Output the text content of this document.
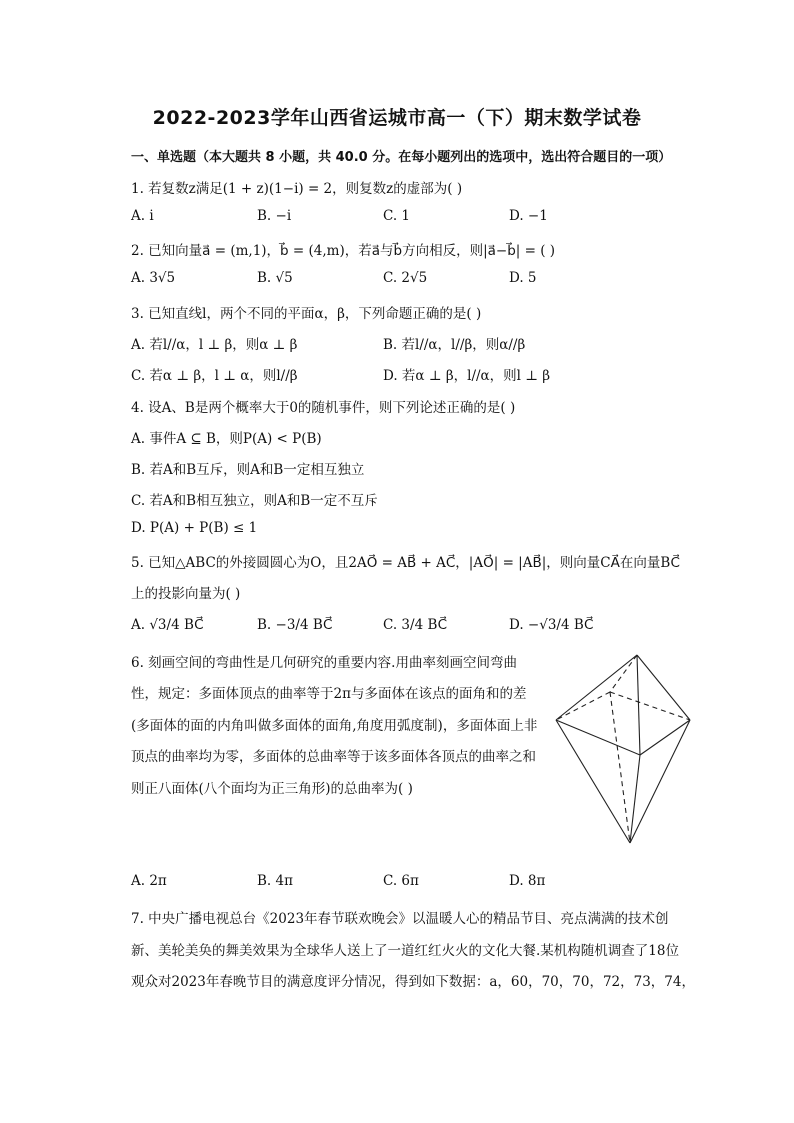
2022-2023学年山西省运城市高一（下）期末数学试卷
一、单选题（本大题共 8 小题，共 40.0 分。在每小题列出的选项中，选出符合题目的一项）
1. 若复数z满足(1 + z)(1−i) = 2，则复数z的虚部为( )
A. i	B. −i	C. 1	D. −1
2. 已知向量a⃗ = (m,1)，b⃗ = (4,m)，若a⃗与b⃗方向相反，则|a⃗−b⃗| = ( )
A. 3√5	B. √5	C. 2√5	D. 5
3. 已知直线l，两个不同的平面α，β，下列命题正确的是( )
A. 若l//α，l ⊥ β，则α ⊥ β	B. 若l//α，l//β，则α//β
C. 若α ⊥ β，l ⊥ α，则l//β	D. 若α ⊥ β，l//α，则l ⊥ β
4. 设A、B是两个概率大于0的随机事件，则下列论述正确的是( )
A. 事件A ⊆ B，则P(A) < P(B)
B. 若A和B互斥，则A和B一定相互独立
C. 若A和B相互独立，则A和B一定不互斥
D. P(A) + P(B) ≤ 1
5. 已知△ABC的外接圆圆心为O，且2AO⃗ = AB⃗ + AC⃗，|AO⃗| = |AB⃗|，则向量CA⃗在向量BC⃗
上的投影向量为( )
A. √3/4 BC⃗	B. −3/4 BC⃗	C. 3/4 BC⃗	D. −√3/4 BC⃗
6. 刻画空间的弯曲性是几何研究的重要内容.用曲率刻画空间弯曲
性，规定：多面体顶点的曲率等于2π与多面体在该点的面角和的差
(多面体的面的内角叫做多面体的面角,角度用弧度制)，多面体面上非
顶点的曲率均为零，多面体的总曲率等于该多面体各顶点的曲率之和
则正八面体(八个面均为正三角形)的总曲率为( )
A. 2π	B. 4π	C. 6π	D. 8π
7. 中央广播电视总台《2023年春节联欢晚会》以温暖人心的精品节目、亮点满满的技术创
新、美轮美奂的舞美效果为全球华人送上了一道红红火火的文化大餐.某机构随机调查了18位
观众对2023年春晚节目的满意度评分情况，得到如下数据：a，60，70，70，72，73，74，
